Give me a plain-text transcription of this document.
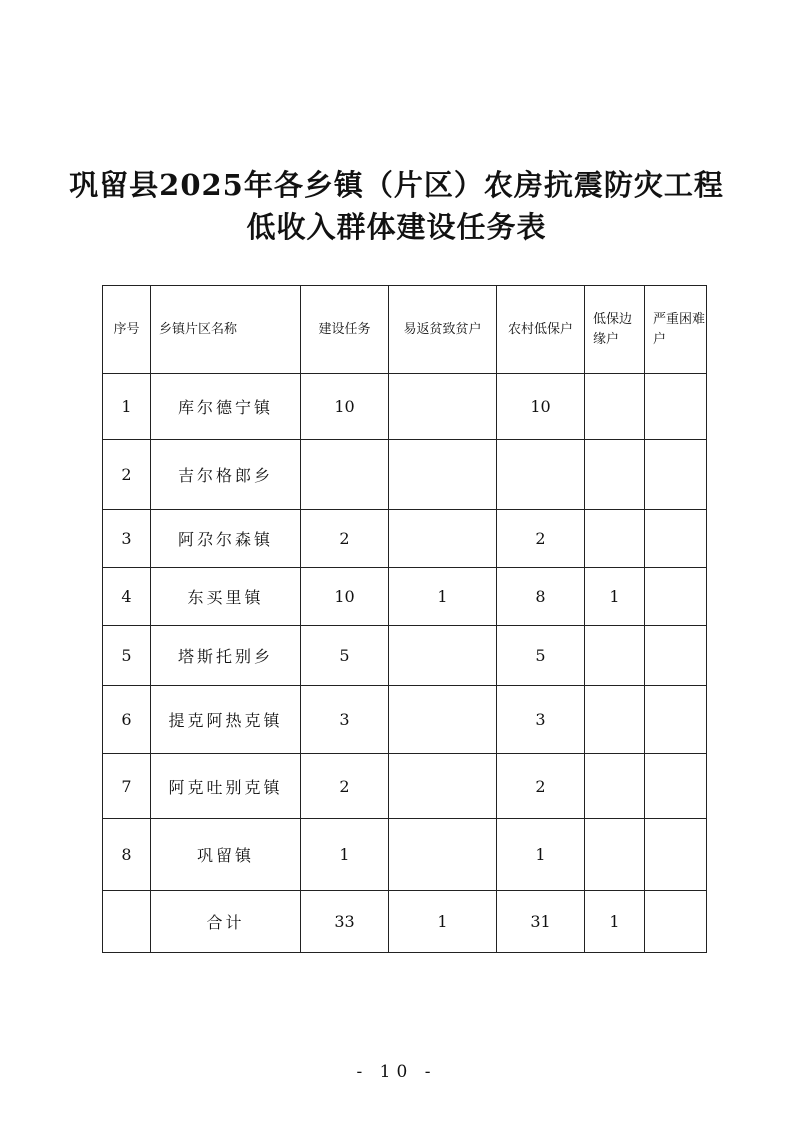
巩留县2025年各乡镇（片区）农房抗震防灾工程
低收入群体建设任务表
序号	乡镇片区名称	建设任务	易返贫致贫户	农村低保户	低保边缘户	严重困难户
1	库尔德宁镇	10		10		
2	吉尔格郎乡					
3	阿尕尔森镇	2		2		
4	东买里镇	10	1	8	1	
5	塔斯托别乡	5		5		
6	提克阿热克镇	3		3		
7	阿克吐别克镇	2		2		
8	巩留镇	1		1		
	合计	33	1	31	1	
- 10 -
